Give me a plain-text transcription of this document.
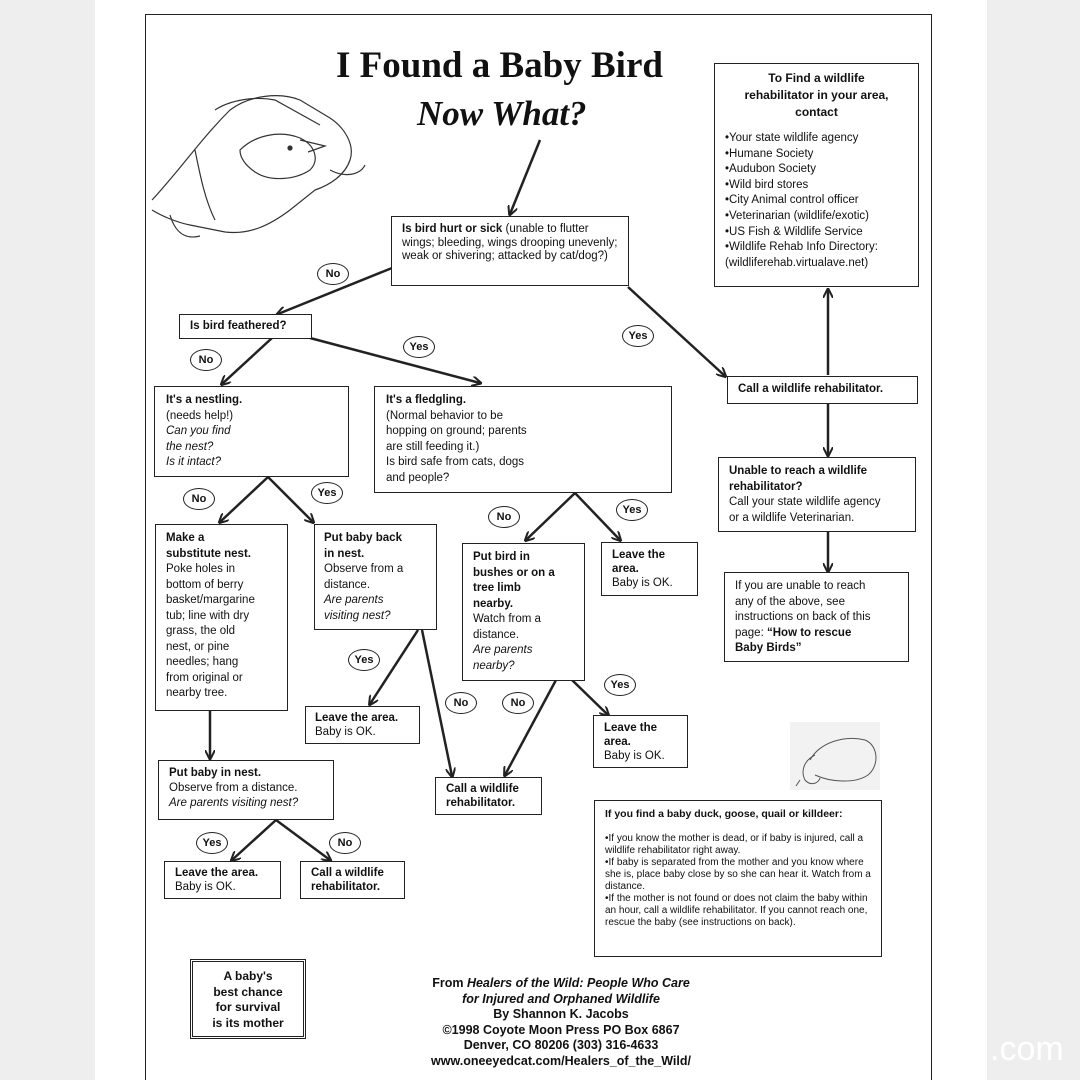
I Found a Baby Bird
Now What?
Is bird hurt or sick (unable to flutter wings; bleeding, wings drooping unevenly; weak or shivering; attacked by cat/dog?)
Is bird feathered?
It's a nestling.
(needs help!)
Can you find
the nest?
Is it intact?
It's a fledgling.
(Normal behavior to be
hopping on ground; parents
are still feeding it.)
Is bird safe from cats, dogs
and people?
Make a
substitute nest.
Poke holes in
bottom of berry
basket/margarine
tub; line with dry
grass, the old
nest, or pine
needles; hang
from original or
nearby tree.
Put baby back
in nest.
Observe from a
distance.
Are parents
visiting nest?
Put bird in
bushes or on a
tree limb
nearby.
Watch from a
distance.
Are parents
nearby?
Leave the
area.
Baby is OK.
Leave the area.
Baby is OK.	Leave the
area.
Baby is OK.
Call a wildlife
rehabilitator.
Put baby in nest.
Observe from a distance.
Are parents visiting nest?
Leave the area.
Baby is OK.
Call a wildlife
rehabilitator.
To Find a wildlife
rehabilitator in your area,
contact
•Your state wildlife agency
•Humane Society
•Audubon Society
•Wild bird stores
•City Animal control officer
•Veterinarian (wildlife/exotic)
•US Fish & Wildlife Service
•Wildlife Rehab Info Directory:
(wildliferehab.virtualave.net)
Call a wildlife rehabilitator.
Unable to reach a wildlife
rehabilitator?
Call your state wildlife agency
or a wildlife Veterinarian.
If you are unable to reach
any of the above, see
instructions on back of this
page: “How to rescue
Baby Birds”
If you find a baby duck, goose, quail or killdeer:
•If you know the mother is dead, or if baby is injured, call a wildlife rehabilitator right away.
•If baby is separated from the mother and you know where she is, place baby close by so she can hear it. Watch from a distance.
•If the mother is not found or does not claim the baby within an hour, call a wildlife rehabilitator. If you cannot reach one, rescue the baby (see instructions on back).
No
Yes
No
Yes
No	Yes
No
Yes
Yes
No	No
Yes
Yes	No
A baby's
best chance
for survival
is its mother
From Healers of the Wild: People Who Care
for Injured and Orphaned Wildlife
By Shannon K. Jacobs
©1998 Coyote Moon Press PO Box 6867
Denver, CO 80206 (303) 316-4633
www.oneeyedcat.com/Healers_of_the_Wild/	.com
